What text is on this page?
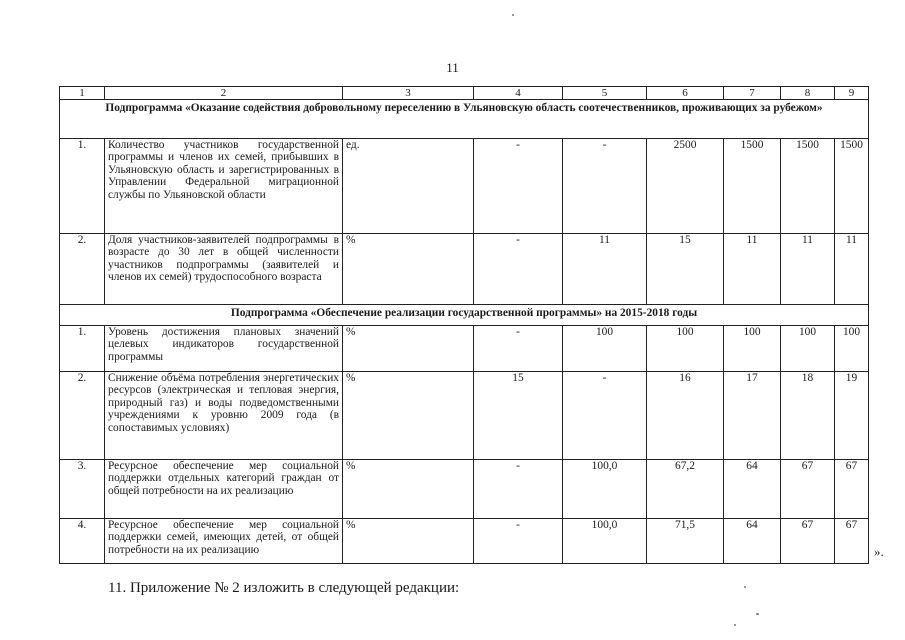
11
1	2	3	4	5	6	7	8	9
Подпрограмма «Оказание содействия добровольному переселению в Ульяновскую область соотечественников, проживающих за рубежом»								
1.	Количество участников государственной программы и членов их семей, прибывших в Ульяновскую область и зарегистрированных в Управлении Федеральной миграционной службы по Ульяновской области	ед.	-	-	2500	1500	1500	1500
2.	Доля участников-заявителей подпрограммы в возрасте до 30 лет в общей численности участников подпрограммы (заявителей и членов их семей) трудоспособного возраста	%	-	11	15	11	11	11
Подпрограмма «Обеспечение реализации государственной программы» на 2015-2018 годы								
1.	Уровень достижения плановых значений целевых индикаторов государственной программы	%	-	100	100	100	100	100
2.	Снижение объёма потребления энергетических ресурсов (электрическая и тепловая энергия, природный газ) и воды подведомственными учреждениями к уровню 2009 года (в сопоставимых условиях)	%	15	-	16	17	18	19
3.	Ресурсное обеспечение мер социальной поддержки отдельных категорий граждан от общей потребности на их реализацию	%	-	100,0	67,2	64	67	67
4.	Ресурсное обеспечение мер социальной поддержки семей, имеющих детей, от общей потребности на их реализацию	%	-	100,0	71,5	64	67	67
».
11. Приложение № 2 изложить в следующей редакции:
